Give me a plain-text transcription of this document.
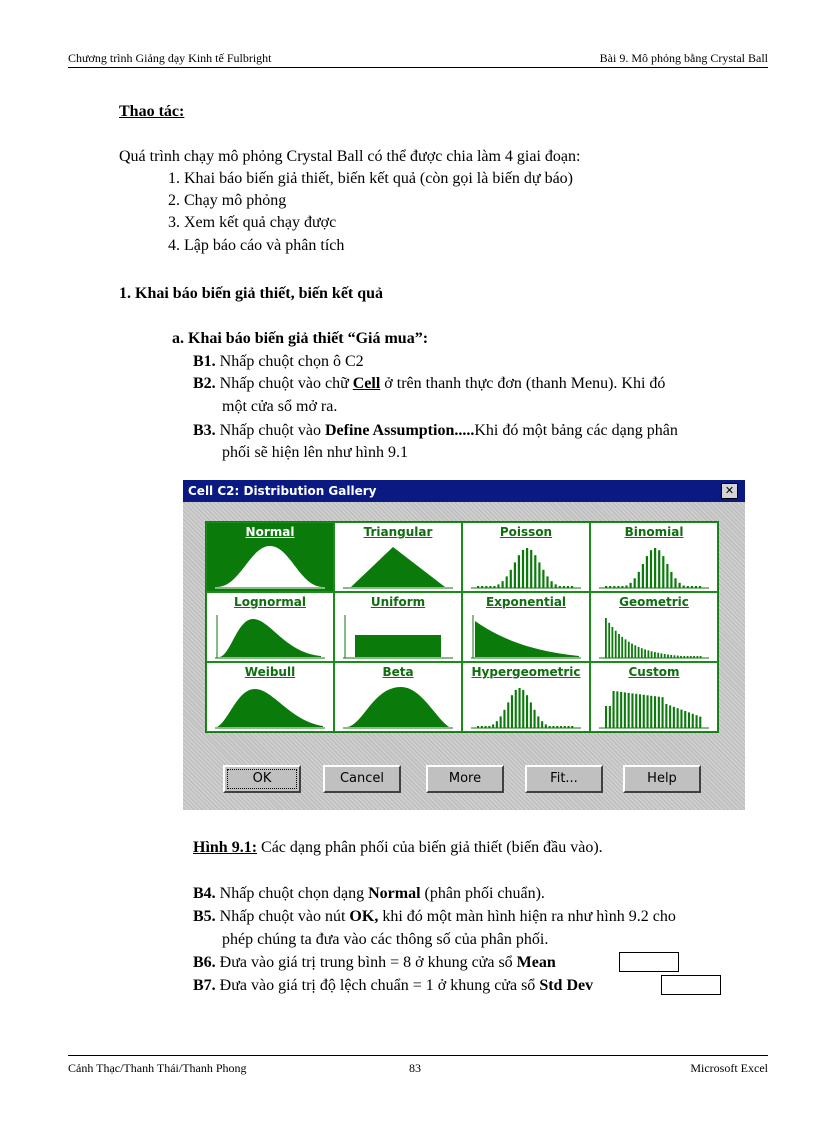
Chương trình Giảng dạy Kinh tế Fulbright	Bài 9. Mô phỏng bằng Crystal Ball
Thao tác:
Quá trình chạy mô phỏng Crystal Ball có thể được chia làm 4 giai đoạn:
1. Khai báo biến giả thiết, biến kết quả (còn gọi là biến dự báo)
2. Chạy mô phỏng
3. Xem kết quả chạy được
4. Lập báo cáo và phân tích
1. Khai báo biến giả thiết, biến kết quả
a. Khai báo biến giả thiết “Giá mua”:
B1. Nhấp chuột chọn ô C2
B2. Nhấp chuột vào chữ Cell ở trên thanh thực đơn (thanh Menu). Khi đó
một cửa sổ mở ra.
B3. Nhấp chuột vào Define Assumption.....Khi đó một bảng các dạng phân
phối sẽ hiện lên như hình 9.1
Cell C2: Distribution Gallery	✕
Normal	Triangular	Poisson	Binomial
Lognormal	Uniform	Exponential	Geometric
Weibull	Beta	Hypergeometric	Custom
OK	Cancel	More	Fit...	Help
Hình 9.1: Các dạng phân phối của biến giả thiết (biến đầu vào).
B4. Nhấp chuột chọn dạng Normal (phân phối chuẩn).
B5. Nhấp chuột vào nút OK, khi đó một màn hình hiện ra như hình 9.2 cho
phép chúng ta đưa vào các thông số của phân phối.
B6. Đưa vào giá trị trung bình = 8 ở khung cửa sổ Mean
B7. Đưa vào giá trị độ lệch chuẩn = 1 ở khung cửa sổ Std Dev
Cảnh Thạc/Thanh Thái/Thanh Phong	83	Microsoft Excel
